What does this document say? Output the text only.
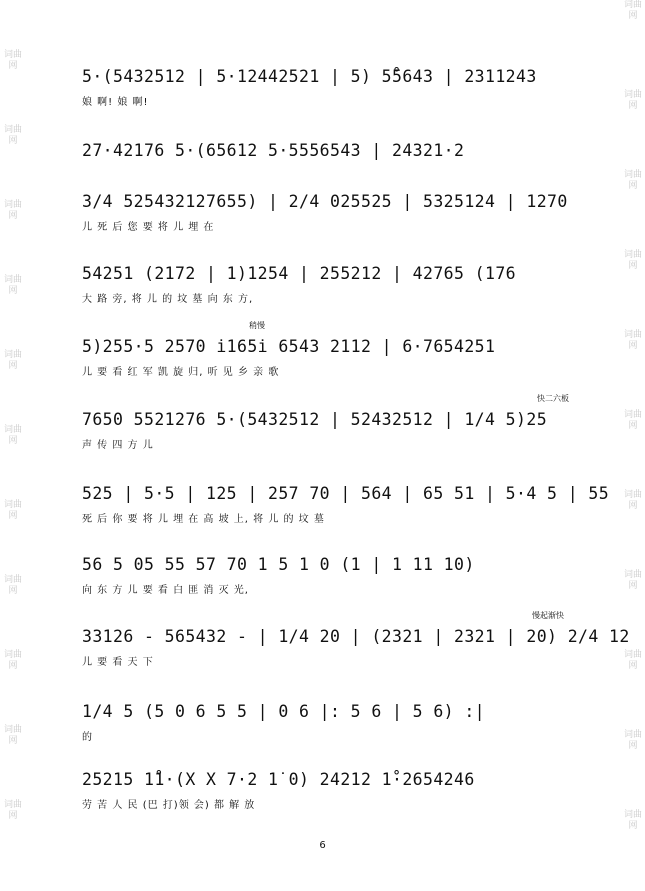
词曲网
词曲网
词曲网
词曲网
词曲网
词曲网
词曲网
词曲网
词曲网
词曲网
词曲网
词曲网
词曲网
词曲网
词曲网
词曲网
词曲网
词曲网
词曲网
词曲网
词曲网
词曲网
5·(5432512 | 5·12442521 | 5) 5̊5643 | 2311243
娘 啊! 娘 啊!
27·42176 5·(65612 5·5556543 | 24321·2
3/4 525432127655) | 2/4 025525 | 5325124 | 1270
儿 死 后 您 要 将 儿 埋 在
54251 (2172 | 1)1254 | 255212 | 42765 (176
大 路 旁, 将 儿 的 坟 墓 向 东 方,
稍慢
5)255·5 2570 i̇165i̇ 6543 2112 | 6·7654251
儿 要 看 红 军 凯 旋 归, 听 见 乡 亲 歌
快二六板
7650 5521276 5·(5432512 | 52432512 | 1/4 5)25
声 传 四 方 儿
525 | 5·5 | 125 | 257 70 | 564 | 65 51 | 5·4 5 | 55
死 后 你 要 将 儿 埋 在 高 坡 上, 将 儿 的 坟 墓
56 5 05 55 57 70 1 5 1 0 (1 | 1 11 10)
向 东 方 儿 要 看 白 匪 消 灭 光,
慢起渐快
33126 - 565432 - | 1/4 20 | (2321 | 2321 | 20) 2/4 12
儿 要 看 天 下
1/4 5 (5 0 6 5 5 | 0 6 |: 5 6 | 5 6) :|
的
25215 1̊1·(X X 7·2 1̇ 0) 24212 1̊·2654246
劳 苦 人 民 (巴 打)领 会) 都 解 放
6
